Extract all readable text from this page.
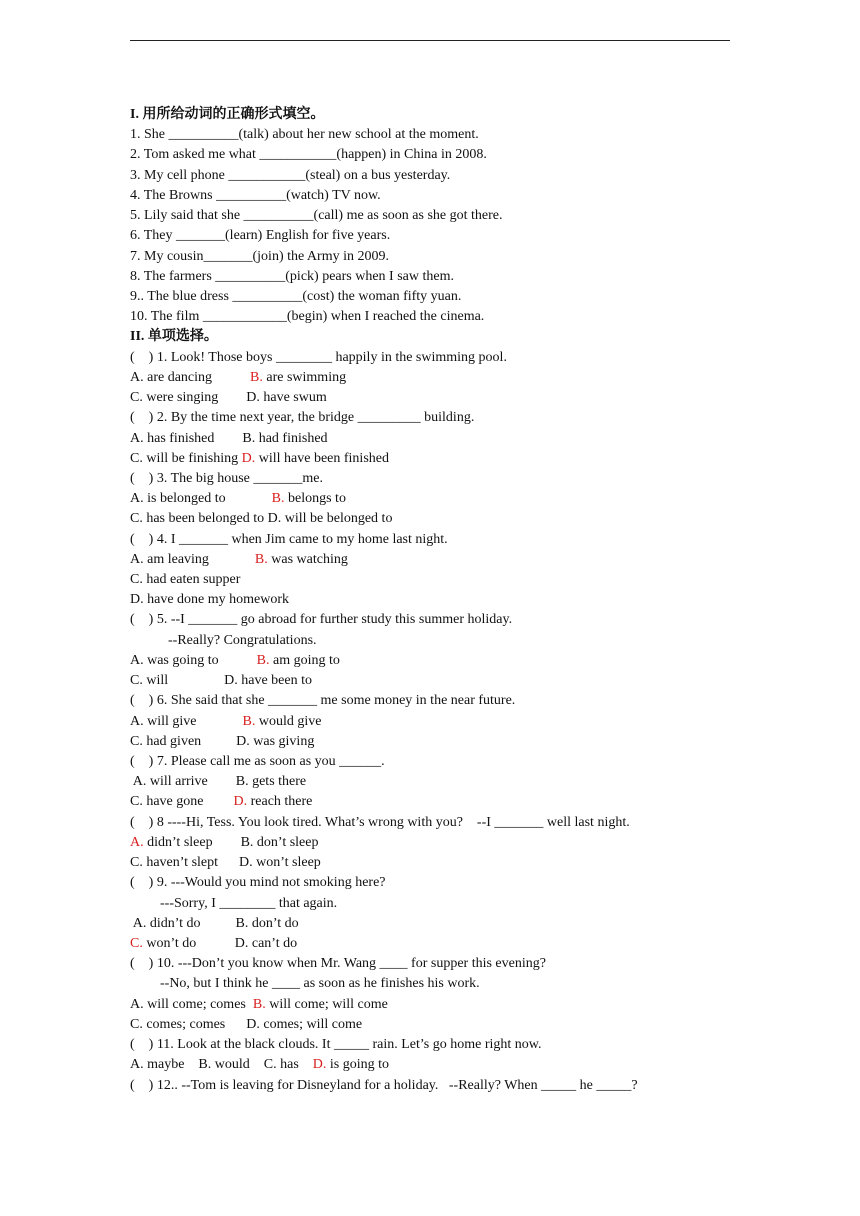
I. 用所给动词的正确形式填空。
1. She __________(talk) about her new school at the moment.
2. Tom asked me what ___________(happen) in China in 2008.
3. My cell phone ___________(steal) on a bus yesterday.
4. The Browns __________(watch) TV now.
5. Lily said that she __________(call) me as soon as she got there.
6. They _______(learn) English for five years.
7. My cousin_______(join) the Army in 2009.
8. The farmers __________(pick) pears when I saw them.
9.. The blue dress __________(cost) the woman fifty yuan.
10. The film ____________(begin) when I reached the cinema.
II. 单项选择。
(    ) 1. Look! Those boys ________ happily in the swimming pool.
A. are dancing	B. are swimming
C. were singing        D. have swum
(    ) 2. By the time next year, the bridge _________ building.
A. has finished        B. had finished
C. will be finishing D. will have been finished
(    ) 3. The big house _______me.
A. is belonged to	B. belongs to
C. has been belonged to D. will be belonged to
(    ) 4. I _______ when Jim came to my home last night.
A. am leaving	B. was watching
C. had eaten supper
D. have done my homework
(    ) 5. --I _______ go abroad for further study this summer holiday.
--Really? Congratulations.
A. was going to	B. am going to
C. will                D. have been to
(    ) 6. She said that she _______ me some money in the near future.
A. will give	B. would give
C. had given          D. was giving
(    ) 7. Please call me as soon as you ______.
A. will arrive        B. gets there
C. have gone D. reach there
(    ) 8 ----Hi, Tess. You look tired. What’s wrong with you?    --I _______ well last night.
A. didn’t sleep        B. don’t sleep
C. haven’t slept      D. won’t sleep
(    ) 9. ---Would you mind not smoking here?
---Sorry, I ________ that again.
A. didn’t do          B. don’t do
C. won’t do           D. can’t do
(    ) 10. ---Don’t you know when Mr. Wang ____ for supper this evening?
--No, but I think he ____ as soon as he finishes his work.
A. will come; comes  B. will come; will come
C. comes; comes      D. comes; will come
(    ) 11. Look at the black clouds. It _____ rain. Let’s go home right now.
A. maybe    B. would    C. has    D. is going to
(    ) 12.. --Tom is leaving for Disneyland for a holiday.   --Really? When _____ he _____?
